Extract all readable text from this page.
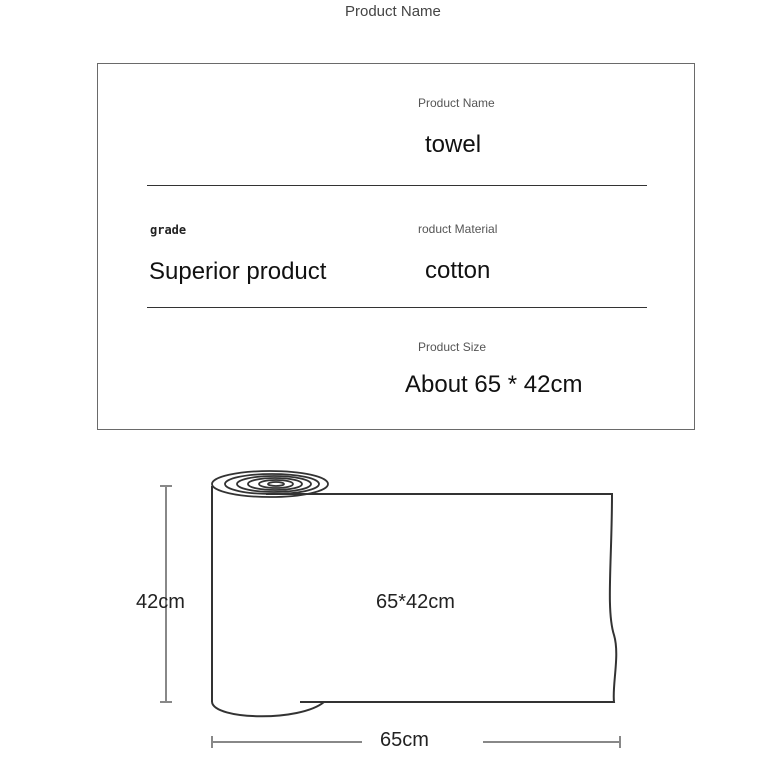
Product Name
Product Name
towel
grade
Superior product
roduct Material
cotton
Product Size
About 65 * 42cm
42cm	65*42cm
65cm
